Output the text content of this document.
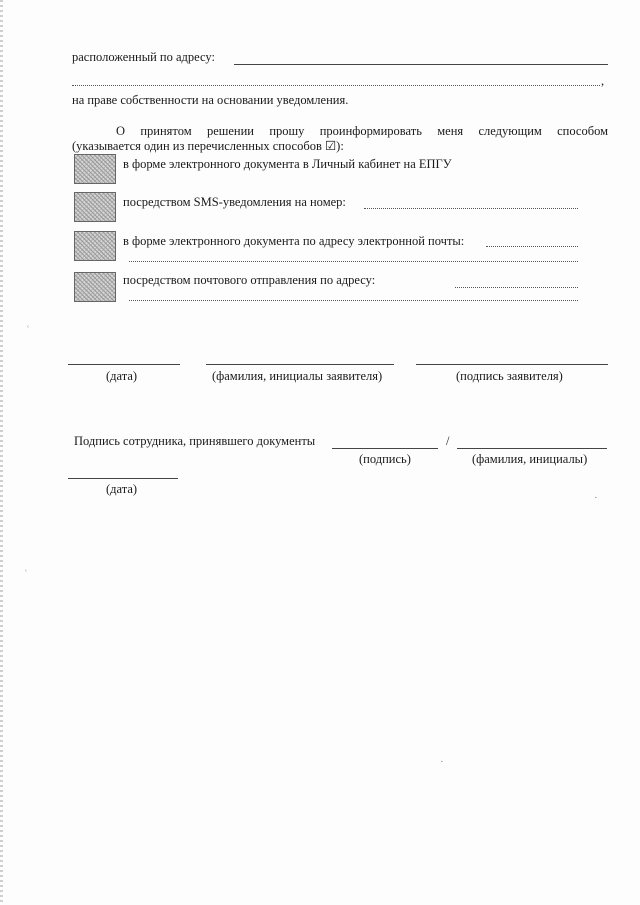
расположенный по адресу:
,
на праве собственности на основании уведомления.
О принятом решении прошу проинформировать меня следующим способом
(указывается один из перечисленных способов ☑):
в форме электронного документа в Личный кабинет на ЕПГУ
посредством SMS-уведомления на номер:
в форме электронного документа по адресу электронной почты:
посредством почтового отправления по адресу:
ʿ
(дата)	(фамилия, инициалы заявителя)	(подпись заявителя)
Подпись сотрудника, принявшего документы	/
(подпись)	(фамилия, инициалы)
(дата)
·
ʿ
·
